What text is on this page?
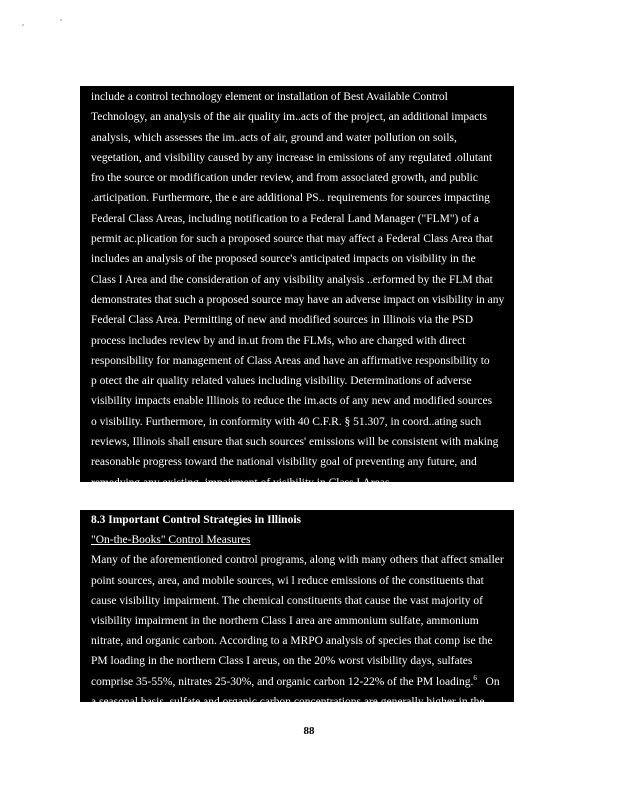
include a control technology element or installation of Best Available Control
Technology, an analysis of the air quality im..acts of the project, an additional impacts
analysis, which assesses the im..acts of air, ground and water pollution on soils,
vegetation, and visibility caused by any increase in emissions of any regulated .ollutant
fro the source or modification under review, and from associated growth, and public
.articipation. Furthermore, the e are additional PS.. requirements for sources impacting
Federal Class Areas, including notification to a Federal Land Manager ("FLM") of a
permit ac.plication for such a proposed source that may affect a Federal Class Area that
includes an analysis of the proposed source's anticipated impacts on visibility in the
Class I Area and the consideration of any visibility analysis ..erformed by the FLM that
demonstrates that such a proposed source may have an adverse impact on visibility in any
Federal Class Area. Permitting of new and modified sources in Illinois via the PSD
process includes review by and in.ut from the FLMs, who are charged with direct
responsibility for management of Class Areas and have an affirmative responsibility to
p otect the air quality related values including visibility. Determinations of adverse
visibility impacts enable Illinois to reduce the im.acts of any new and modified sources
o visibility. Furthermore, in conformity with 40 C.F.R. § 51.307, in coord..ating such
reviews, Illinois shall ensure that such sources' emissions will be consistent with making
reasonable progress toward the national visibility goal of preventing any future, and
remedying any existing, impairment of visibility in Class I Areas.
8.3 Important Control Strategies in Illinois
"On-the-Books" Control Measures
Many of the aforementioned control programs, along with many others that affect smaller
point sources, area, and mobile sources, wi l reduce emissions of the constituents that
cause visibility impairment. The chemical constituents that cause the vast majority of
visibility impairment in the northern Class I area are ammonium sulfate, ammonium
nitrate, and organic carbon. According to a MRPO analysis of species that comp ise the
PM loading in the northern Class I areus, on the 20% worst visibility days, sulfates
comprise 35-55%, nitrates 25-30%, and organic carbon 12-22% of the PM loading.$^6$   On
a seasonal basis, sulfate and organic carbon concentrations are generally higher in the
88
